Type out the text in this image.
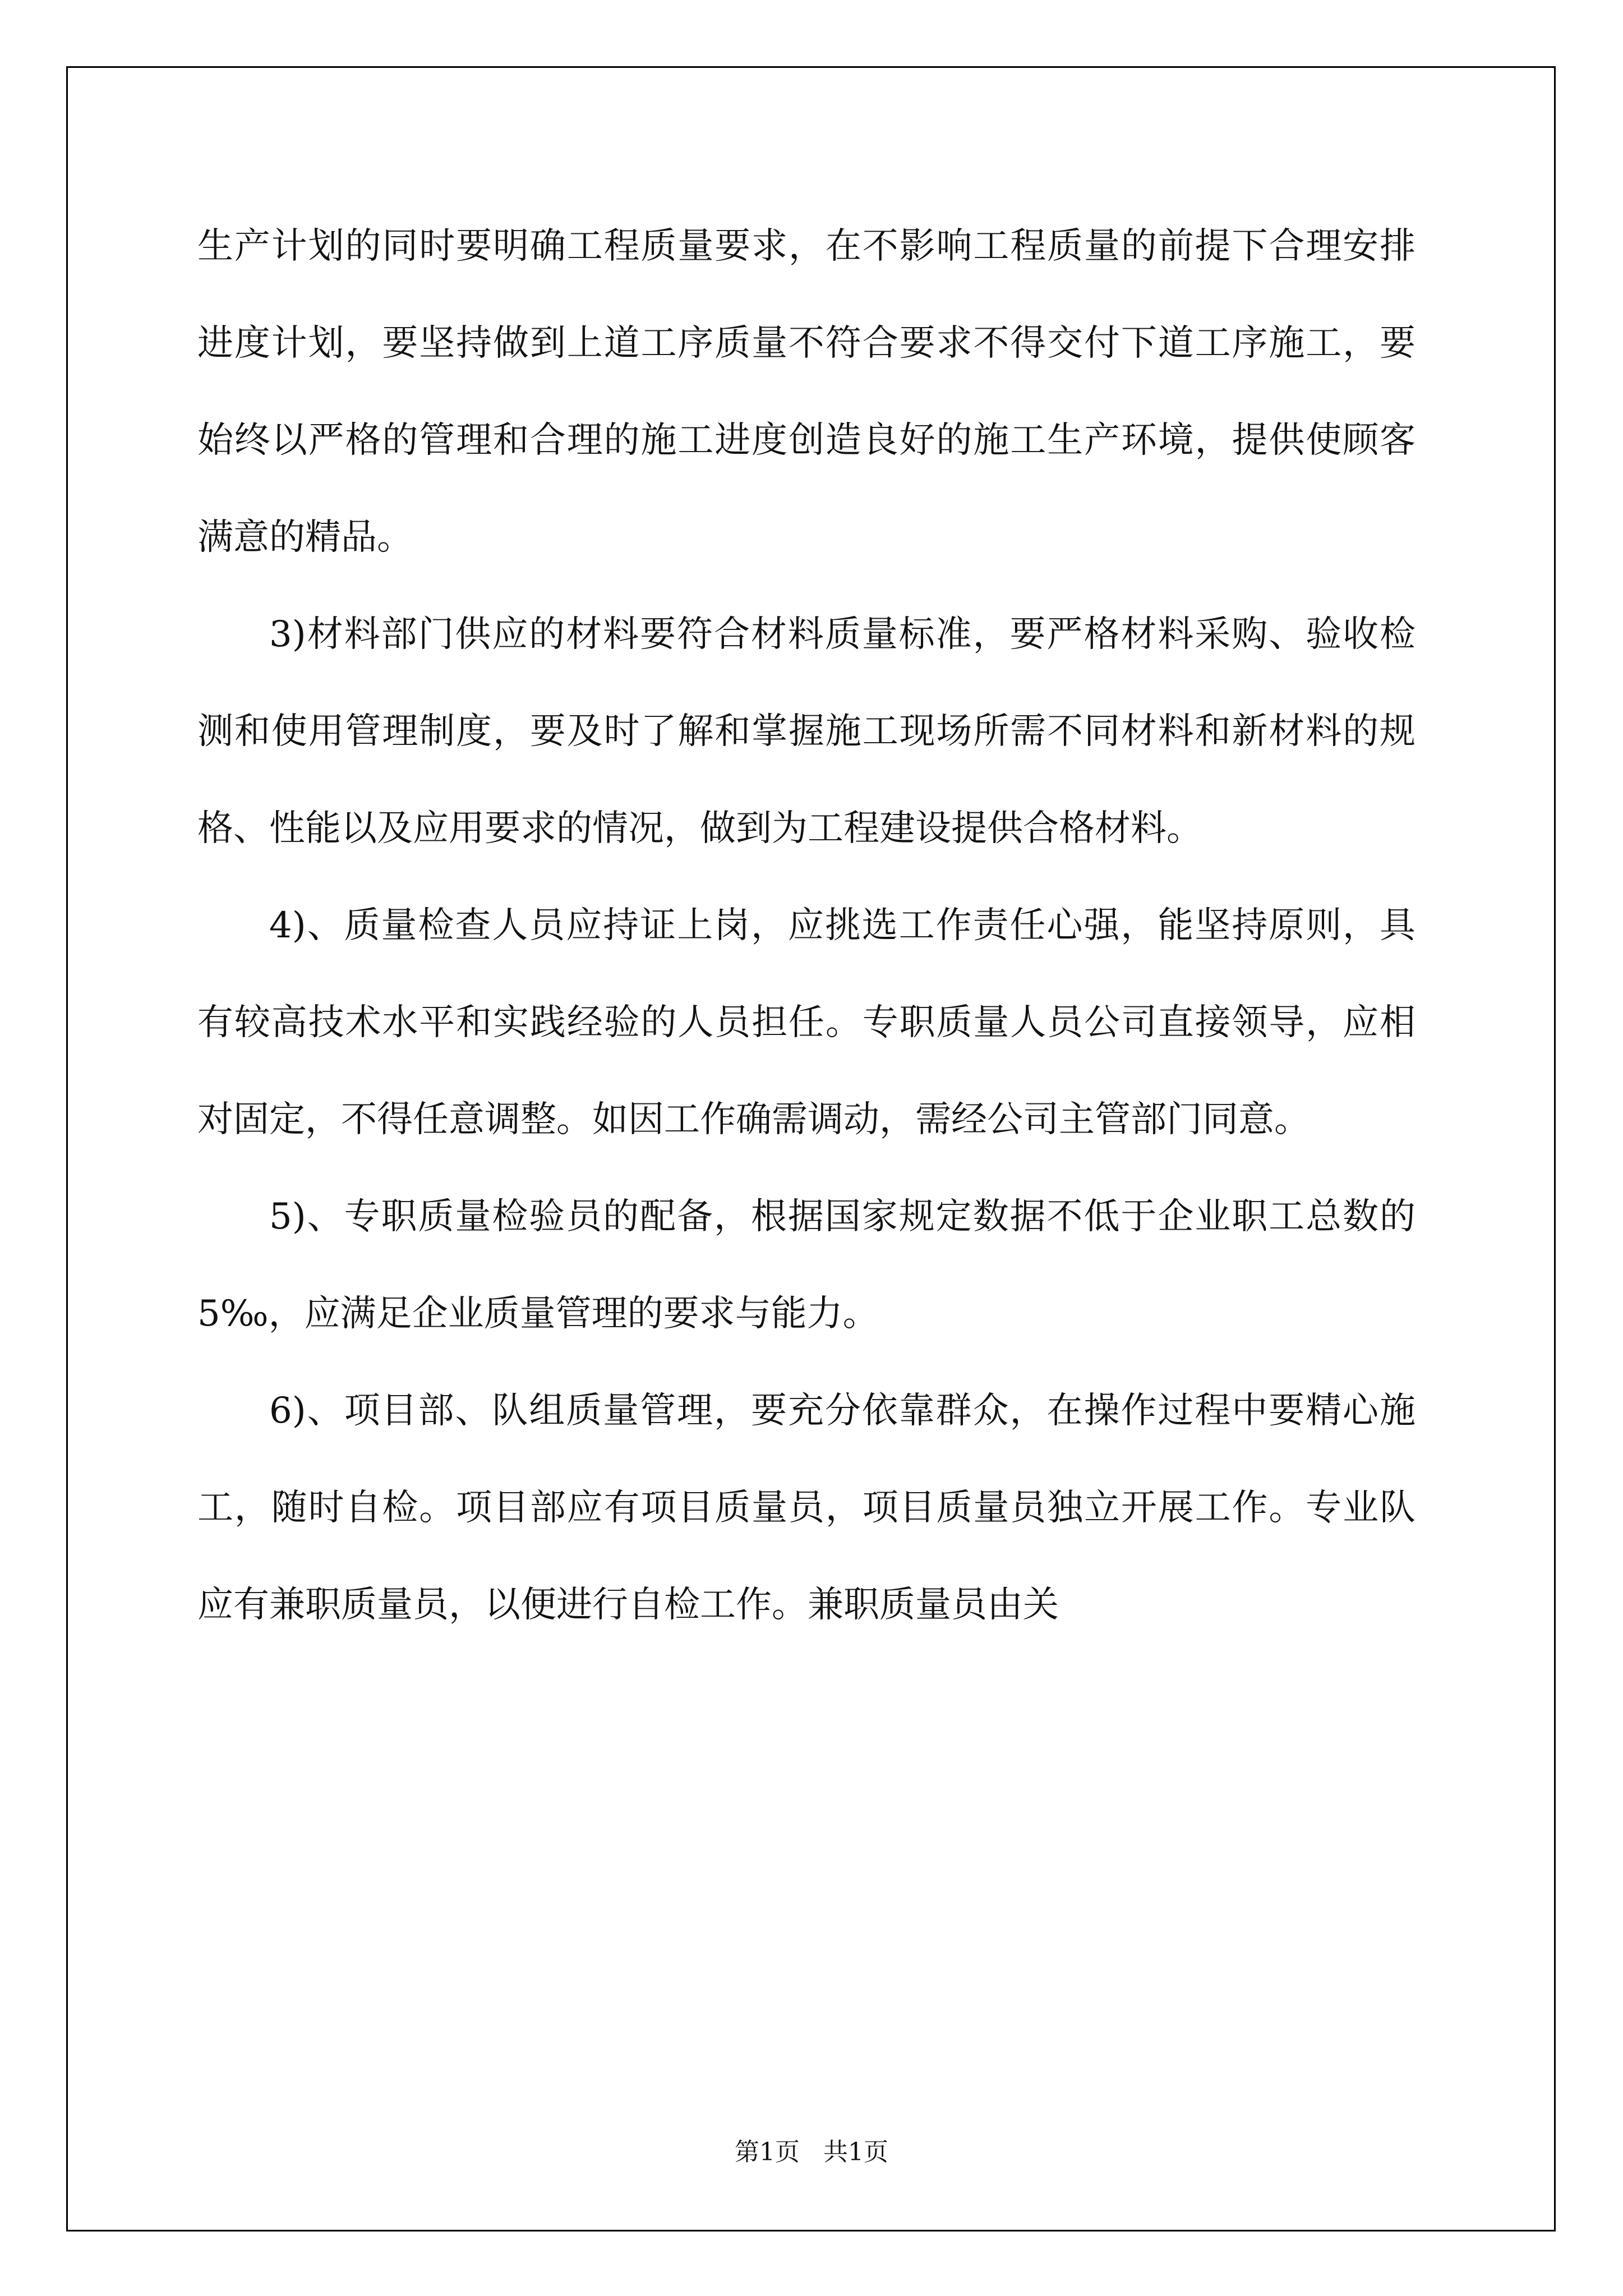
生产计划的同时要明确工程质量要求，在不影响工程质量的前提下合理安排进度计划，要坚持做到上道工序质量不符合要求不得交付下道工序施工，要始终以严格的管理和合理的施工进度创造良好的施工生产环境，提供使顾客满意的精品。

3)材料部门供应的材料要符合材料质量标准，要严格材料采购、验收检测和使用管理制度，要及时了解和掌握施工现场所需不同材料和新材料的规格、性能以及应用要求的情况，做到为工程建设提供合格材料。

4)、质量检查人员应持证上岗，应挑选工作责任心强，能坚持原则，具有较高技术水平和实践经验的人员担任。专职质量人员公司直接领导，应相对固定，不得任意调整。如因工作确需调动，需经公司主管部门同意。

5)、专职质量检验员的配备，根据国家规定数据不低于企业职工总数的5‰，应满足企业质量管理的要求与能力。

6)、项目部、队组质量管理，要充分依靠群众，在操作过程中要精心施工，随时自检。项目部应有项目质量员，项目质量员独立开展工作。专业队应有兼职质量员，以便进行自检工作。兼职质量员由关

第1页   共1页
